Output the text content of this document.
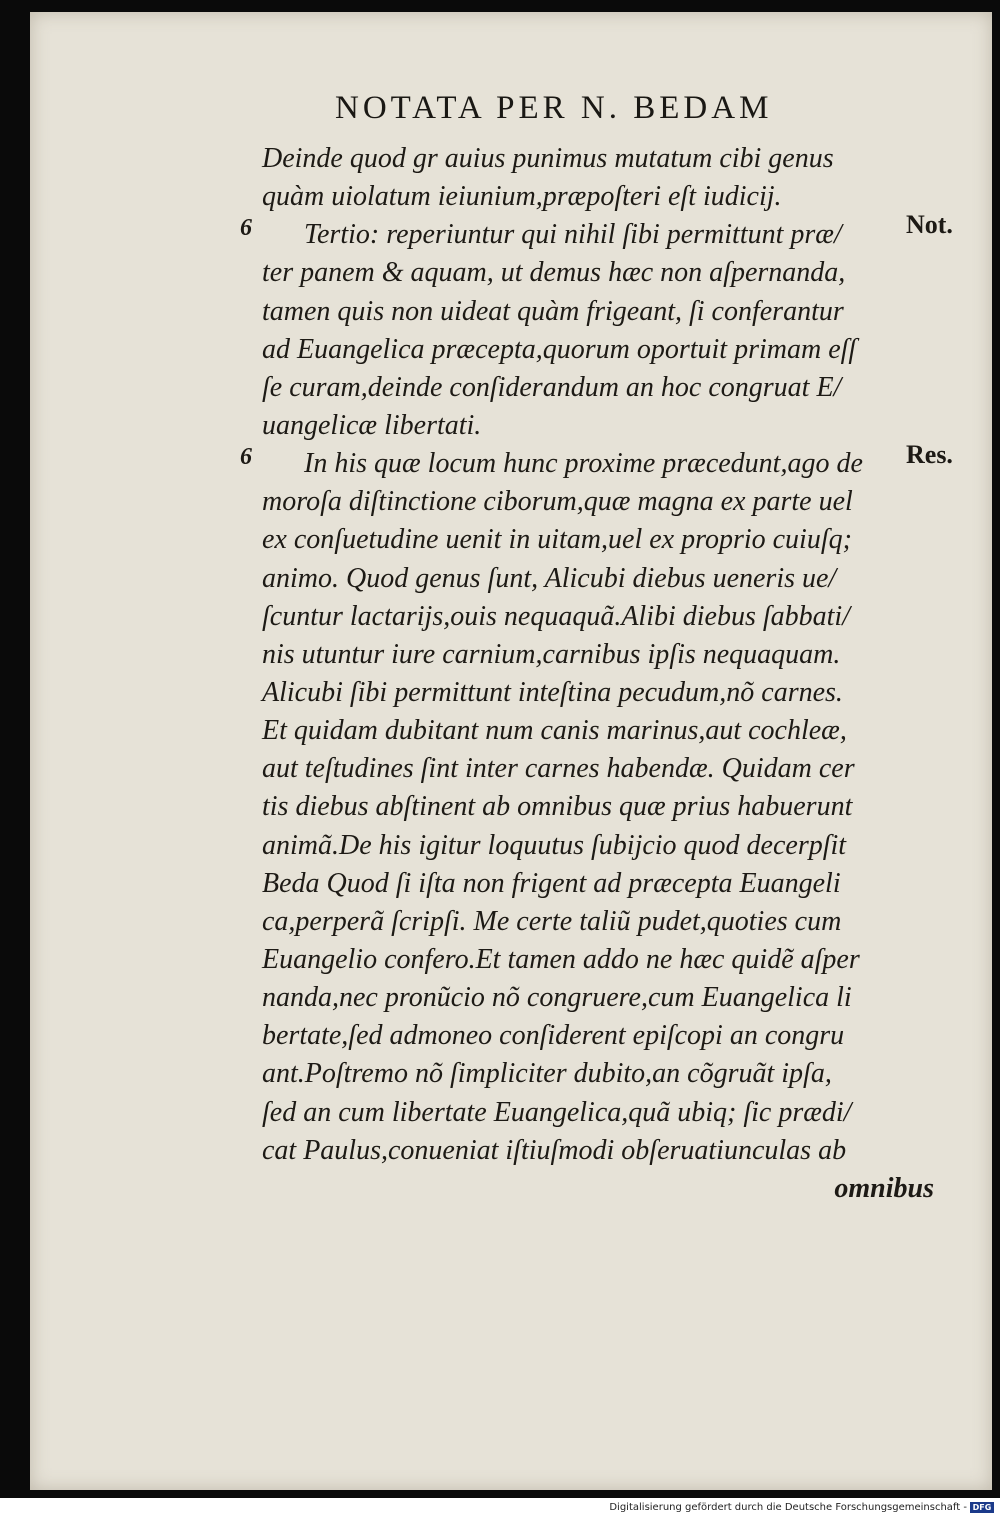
NOTATA PER N. BEDAM
6	Not.
6	Res.
Deinde quod gr auius punimus mutatum cibi genus
quàm uiolatum ieiunium,præpoſteri eſt iudicij.
Tertio: reperiuntur qui nihil ſibi permittunt præ/
ter panem & aquam, ut demus hæc non aſpernanda,
tamen quis non uideat quàm frigeant, ſi conferantur
ad Euangelica præcepta,quorum oportuit primam eſſ
ſe curam,deinde conſiderandum an hoc congruat E/
uangelicæ libertati.
In his quæ locum hunc proxime præcedunt,ago de
moroſa diſtinctione ciborum,quæ magna ex parte uel
ex conſuetudine uenit in uitam,uel ex proprio cuiuſq;
animo. Quod genus ſunt, Alicubi diebus ueneris ue/
ſcuntur lactarijs,ouis nequaquã.Alibi diebus ſabbati/
nis utuntur iure carnium,carnibus ipſis nequaquam.
Alicubi ſibi permittunt inteſtina pecudum,nõ carnes.
Et quidam dubitant num canis marinus,aut cochleæ,
aut teſtudines ſint inter carnes habendæ. Quidam cer
tis diebus abſtinent ab omnibus quæ prius habuerunt
animã.De his igitur loquutus ſubijcio quod decerpſit
Beda Quod ſi iſta non frigent ad præcepta Euangeli
ca,perperã ſcripſi. Me certe taliũ pudet,quoties cum
Euangelio confero.Et tamen addo ne hæc quidẽ aſper
nanda,nec pronũcio nõ congruere,cum Euangelica li
bertate,ſed admoneo conſiderent epiſcopi an congru
ant.Poſtremo nõ ſimpliciter dubito,an cõgruãt ipſa,
ſed an cum libertate Euangelica,quã ubiq; ſic prædi/
cat Paulus,conueniat iſtiuſmodi obſeruatiunculas ab
omnibus
Digitalisierung gefördert durch die Deutsche Forschungsgemeinschaft - DFG
